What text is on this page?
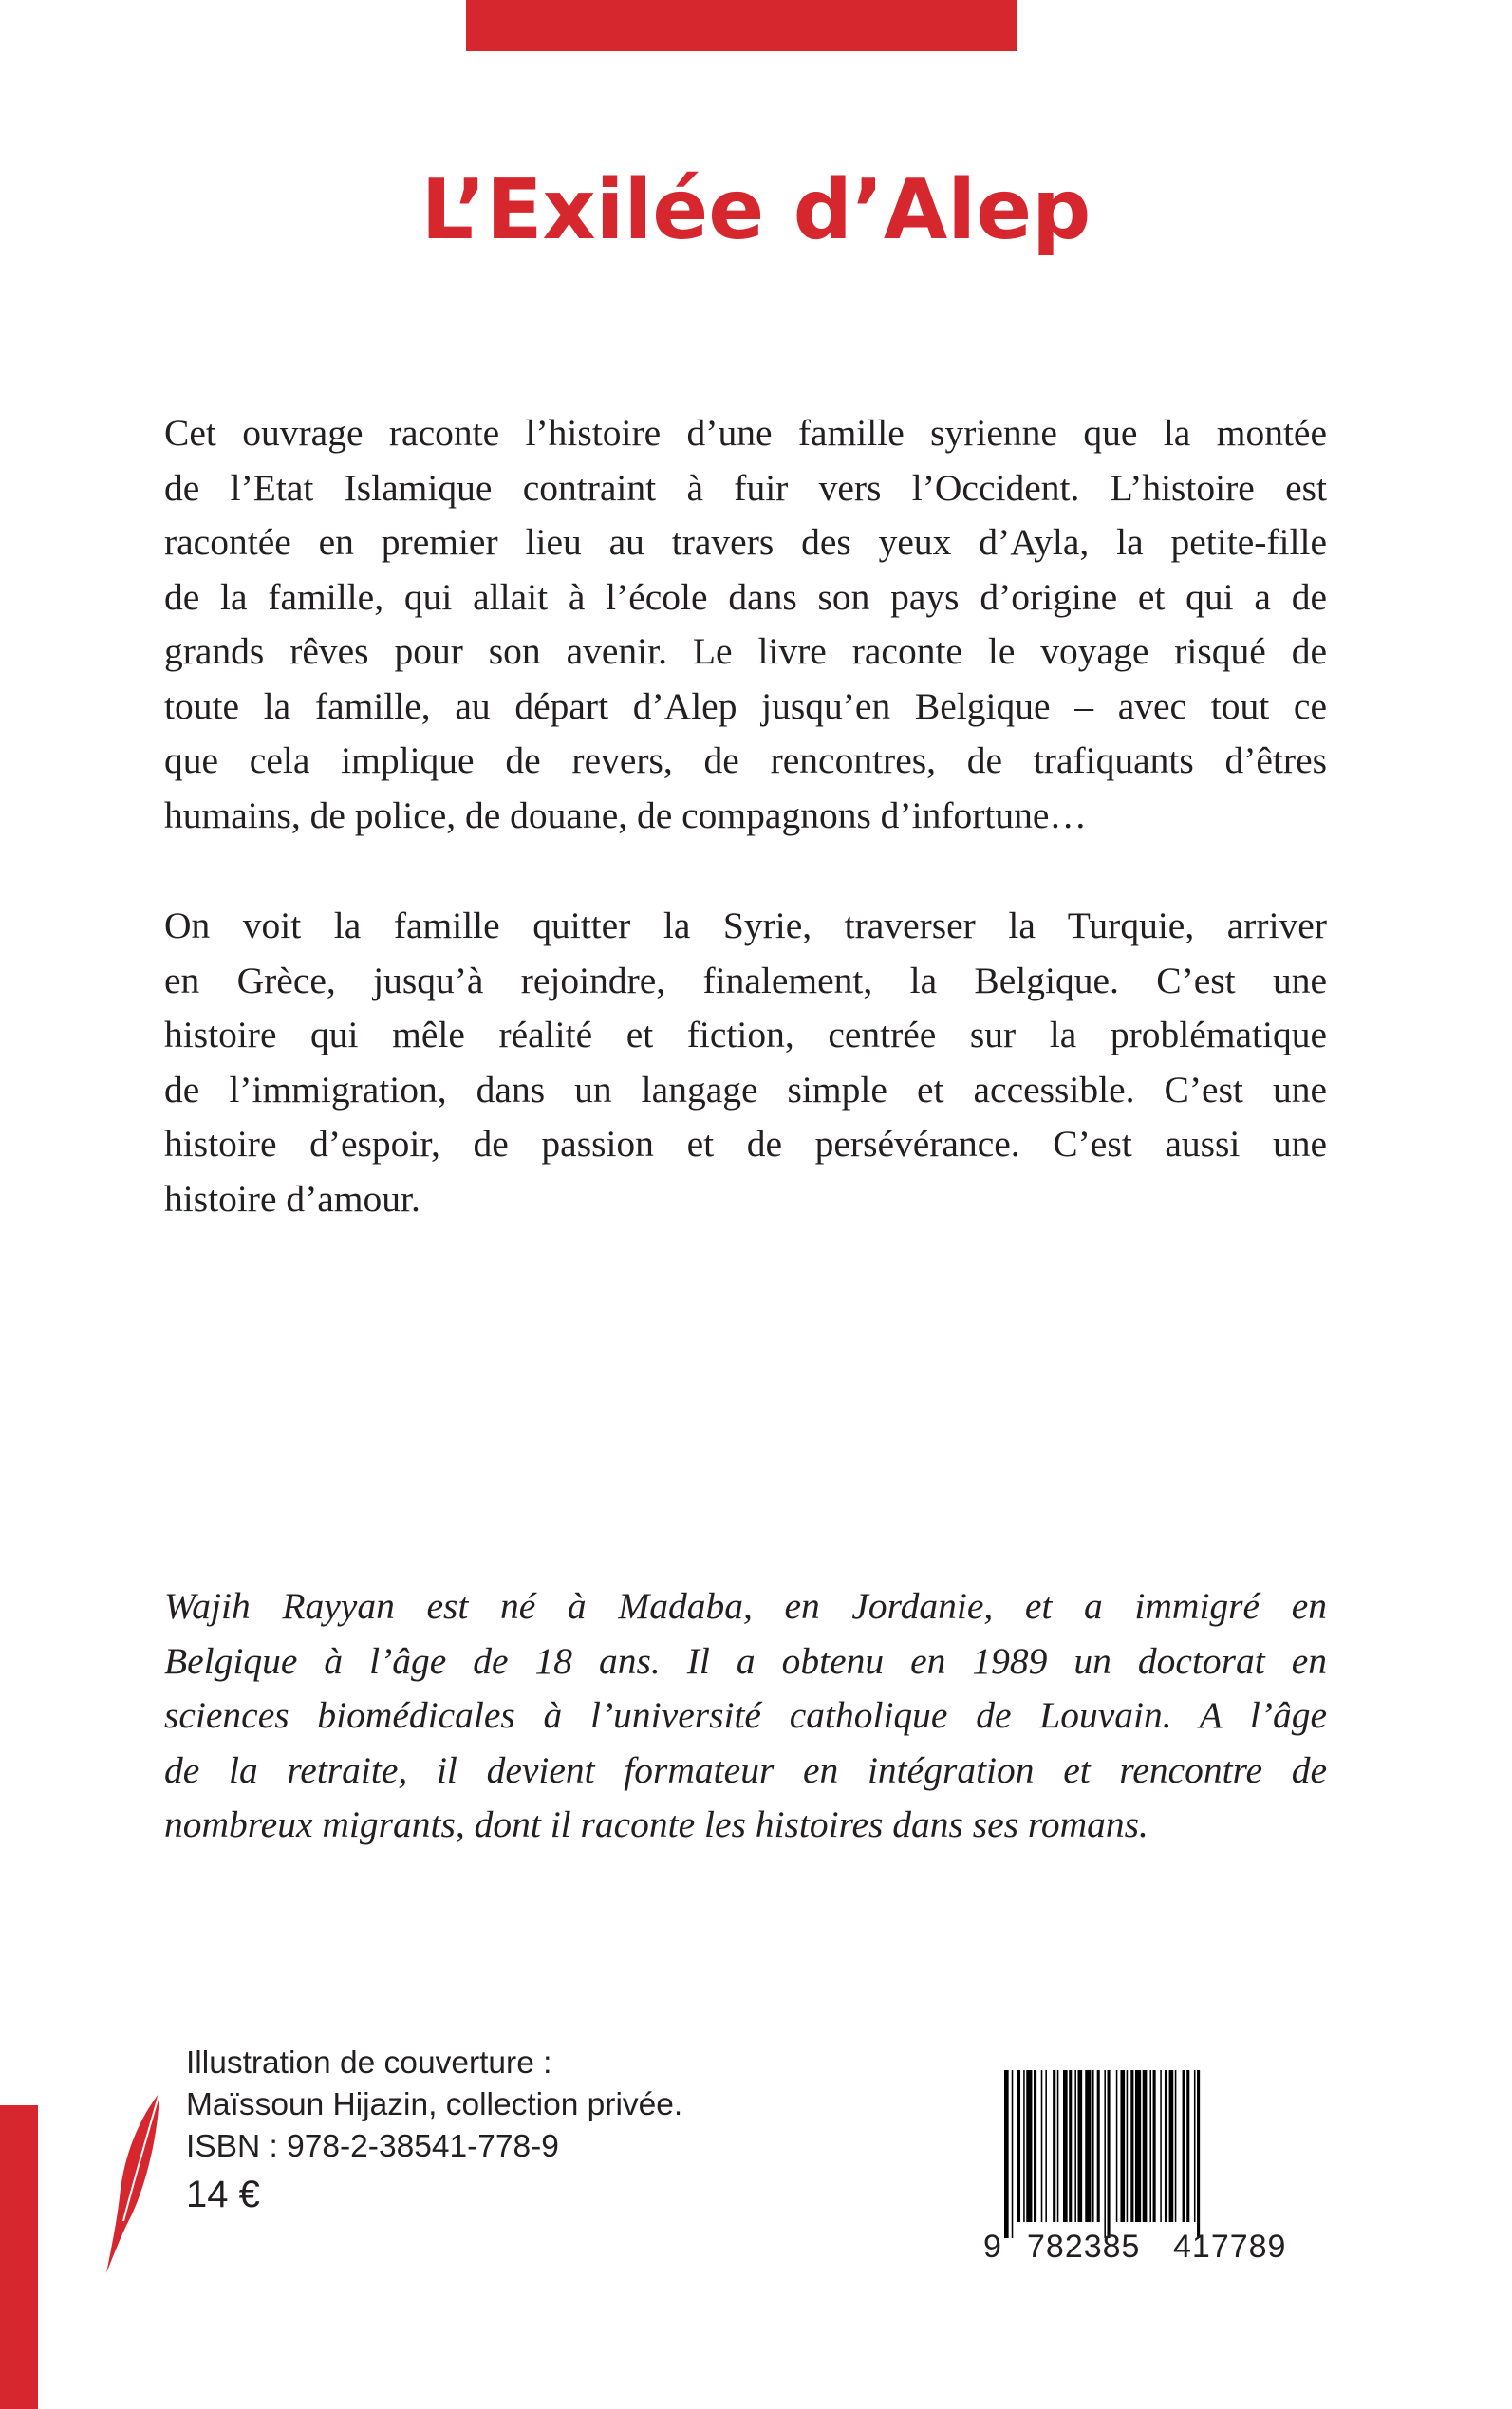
L’Exilée d’Alep
Cet ouvrage raconte l’histoire d’une famille syrienne que la montée
de l’Etat Islamique contraint à fuir vers l’Occident. L’histoire est
racontée en premier lieu au travers des yeux d’Ayla, la petite-fille
de la famille, qui allait à l’école dans son pays d’origine et qui a de
grands rêves pour son avenir. Le livre raconte le voyage risqué de
toute la famille, au départ d’Alep jusqu’en Belgique – avec tout ce
que cela implique de revers, de rencontres, de trafiquants d’êtres
humains, de police, de douane, de compagnons d’infortune…
On voit la famille quitter la Syrie, traverser la Turquie, arriver
en Grèce, jusqu’à rejoindre, finalement, la Belgique. C’est une
histoire qui mêle réalité et fiction, centrée sur la problématique
de l’immigration, dans un langage simple et accessible. C’est une
histoire d’espoir, de passion et de persévérance. C’est aussi une
histoire d’amour.
Wajih Rayyan est né à Madaba, en Jordanie, et a immigré en
Belgique à l’âge de 18 ans. Il a obtenu en 1989 un doctorat en
sciences biomédicales à l’université catholique de Louvain. A l’âge
de la retraite, il devient formateur en intégration et rencontre de
nombreux migrants, dont il raconte les histoires dans ses romans.
Illustration de couverture :
Maïssoun Hijazin, collection privée.
ISBN : 978-2-38541-778-9
14 €
9 782385 417789
